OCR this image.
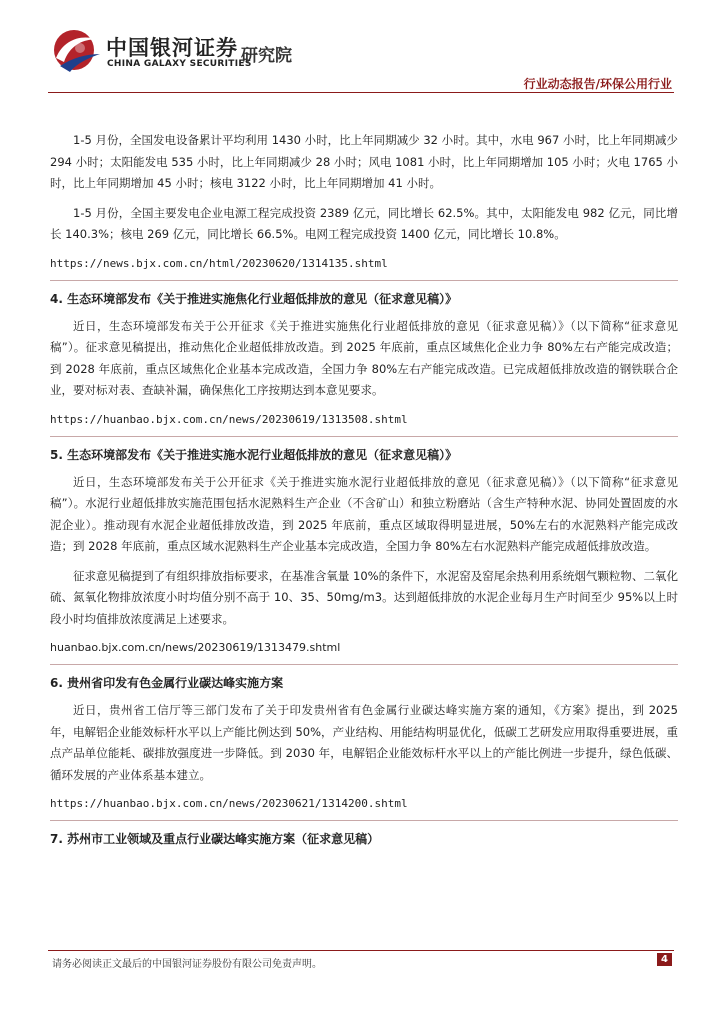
中国银河证券
CHINA GALAXY SECURITIES
研究院
行业动态报告/环保公用行业

1-5 月份，全国发电设备累计平均利用 1430 小时，比上年同期减少 32 小时。其中，水电 967 小时，比上年同期减少 294 小时；太阳能发电 535 小时，比上年同期减少 28 小时；风电 1081 小时，比上年同期增加 105 小时；火电 1765 小时，比上年同期增加 45 小时；核电 3122 小时，比上年同期增加 41 小时。

1-5 月份，全国主要发电企业电源工程完成投资 2389 亿元，同比增长 62.5%。其中，太阳能发电 982 亿元，同比增长 140.3%；核电 269 亿元，同比增长 66.5%。电网工程完成投资 1400 亿元，同比增长 10.8%。

https://news.bjx.com.cn/html/20230620/1314135.shtml
4. 生态环境部发布《关于推进实施焦化行业超低排放的意见（征求意见稿）》

近日，生态环境部发布关于公开征求《关于推进实施焦化行业超低排放的意见（征求意见稿）》（以下简称“征求意见稿”）。征求意见稿提出，推动焦化企业超低排放改造。到 2025 年底前，重点区域焦化企业力争 80%左右产能完成改造；到 2028 年底前，重点区域焦化企业基本完成改造，全国力争 80%左右产能完成改造。已完成超低排放改造的钢铁联合企业，要对标对表、查缺补漏，确保焦化工序按期达到本意见要求。

https://huanbao.bjx.com.cn/news/20230619/1313508.shtml
5. 生态环境部发布《关于推进实施水泥行业超低排放的意见（征求意见稿）》

近日，生态环境部发布关于公开征求《关于推进实施水泥行业超低排放的意见（征求意见稿）》（以下简称“征求意见稿”）。水泥行业超低排放实施范围包括水泥熟料生产企业（不含矿山）和独立粉磨站（含生产特种水泥、协同处置固废的水泥企业）。推动现有水泥企业超低排放改造，到 2025 年底前，重点区域取得明显进展，50%左右的水泥熟料产能完成改造；到 2028 年底前，重点区域水泥熟料生产企业基本完成改造，全国力争 80%左右水泥熟料产能完成超低排放改造。

征求意见稿提到了有组织排放指标要求，在基准含氧量 10%的条件下，水泥窑及窑尾余热利用系统烟气颗粒物、二氧化硫、氮氧化物排放浓度小时均值分别不高于 10、35、50mg/m3。达到超低排放的水泥企业每月生产时间至少 95%以上时段小时均值排放浓度满足上述要求。

huanbao.bjx.com.cn/news/20230619/1313479.shtml
6. 贵州省印发有色金属行业碳达峰实施方案

近日，贵州省工信厅等三部门发布了关于印发贵州省有色金属行业碳达峰实施方案的通知，《方案》提出，到 2025 年，电解铝企业能效标杆水平以上产能比例达到 50%，产业结构、用能结构明显优化，低碳工艺研发应用取得重要进展，重点产品单位能耗、碳排放强度进一步降低。到 2030 年，电解铝企业能效标杆水平以上的产能比例进一步提升，绿色低碳、循环发展的产业体系基本建立。

https://huanbao.bjx.com.cn/news/20230621/1314200.shtml
7. 苏州市工业领域及重点行业碳达峰实施方案（征求意见稿）
请务必阅读正文最后的中国银河证券股份有限公司免责声明。	4
